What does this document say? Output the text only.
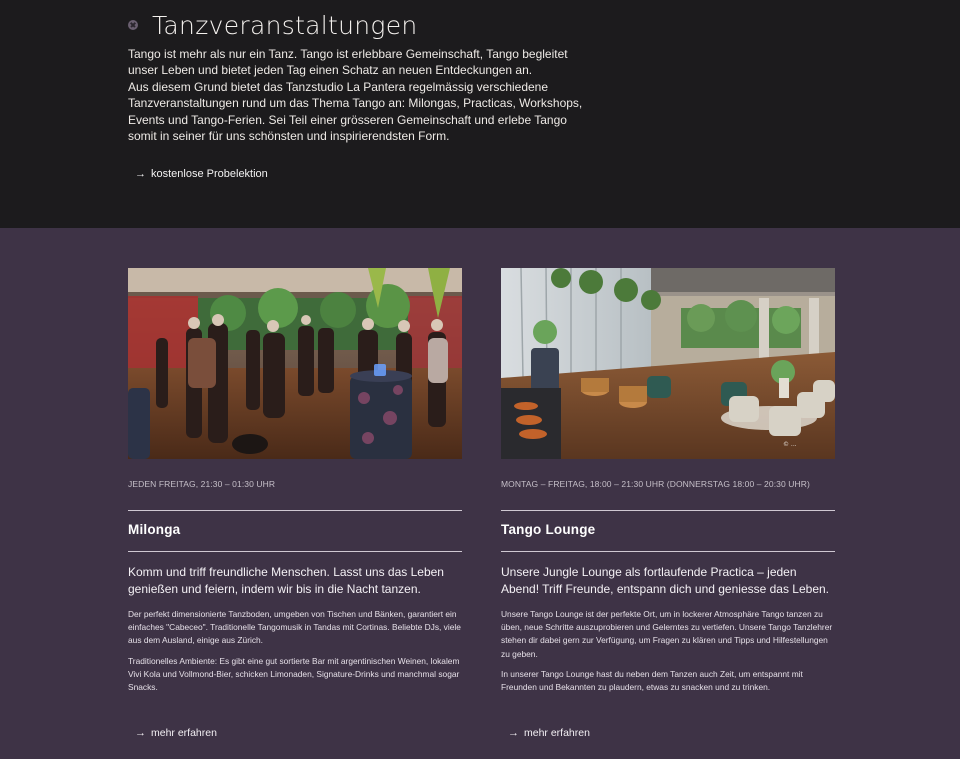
Tanzveranstaltungen

Tango ist mehr als nur ein Tanz. Tango ist erlebbare Gemeinschaft, Tango begleitet unser Leben und bietet jeden Tag einen Schatz an neuen Entdeckungen an.

Aus diesem Grund bietet das Tanzstudio La Pantera regelmässig verschiedene Tanzveranstaltungen rund um das Thema Tango an: Milongas, Practicas, Workshops, Events und Tango-Ferien. Sei Teil einer grösseren Gemeinschaft und erlebe Tango somit in seiner für uns schönsten und inspirierendsten Form.

→ kostenlose Probelektion
JEDEN FREITAG, 21:30 – 01:30 UHR
Milonga

Komm und triff freundliche Menschen. Lasst uns das Leben genießen und feiern, indem wir bis in die Nacht tanzen.

Der perfekt dimensionierte Tanzboden, umgeben von Tischen und Bänken, garantiert ein einfaches "Cabeceo". Traditionelle Tangomusik in Tandas mit Cortinas. Beliebte DJs, viele aus dem Ausland, einige aus Zürich.

Traditionelles Ambiente: Es gibt eine gut sortierte Bar mit argentinischen Weinen, lokalem Vivi Kola und Vollmond-Bier, schicken Limonaden, Signature-Drinks und manchmal sogar Snacks.

→ mehr erfahren
© ...
MONTAG – FREITAG, 18:00 – 21:30 UHR (DONNERSTAG 18:00 – 20:30 UHR)
Tango Lounge

Unsere Jungle Lounge als fortlaufende Practica – jeden Abend! Triff Freunde, entspann dich und geniesse das Leben.

Unsere Tango Lounge ist der perfekte Ort, um in lockerer Atmosphäre Tango tanzen zu üben, neue Schritte auszuprobieren und Gelerntes zu vertiefen. Unsere Tango Tanzlehrer stehen dir dabei gern zur Verfügung, um Fragen zu klären und Tipps und Hilfestellungen zu geben.

In unserer Tango Lounge hast du neben dem Tanzen auch Zeit, um entspannt mit Freunden und Bekannten zu plaudern, etwas zu snacken und zu trinken.

→ mehr erfahren
